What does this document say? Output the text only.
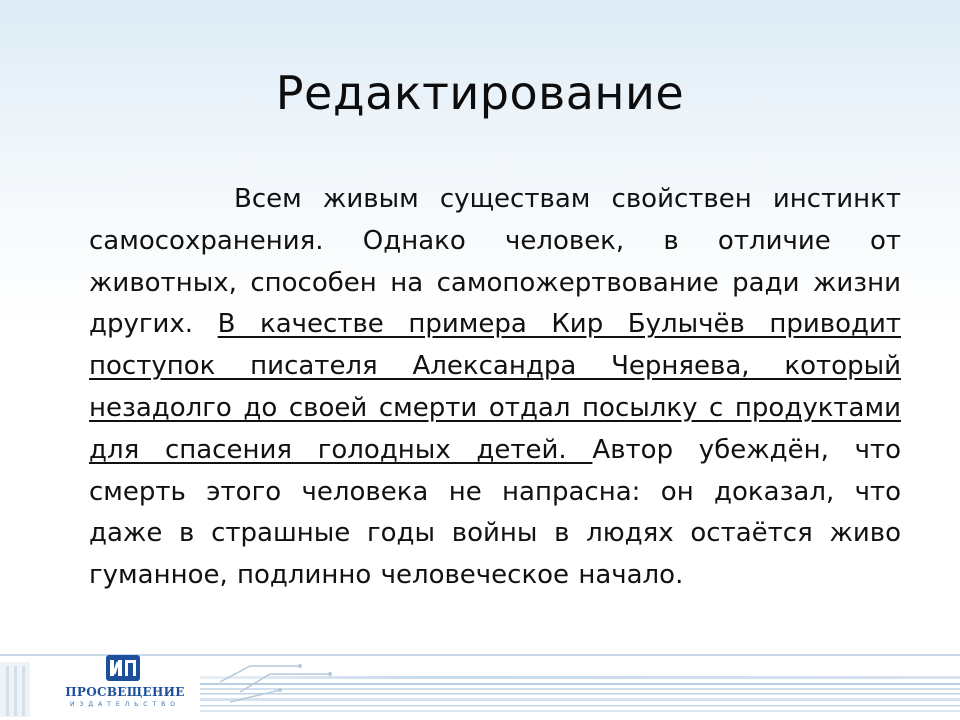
Редактирование
Всем живым существам свойствен инстинкт самосохранения. Однако человек, в отличие от животных, способен на самопожертвование ради жизни других. В качестве примера Кир Булычёв приводит поступок писателя Александра Черняева, который незадолго до своей смерти отдал посылку с продуктами для спасения голодных детей. Автор убеждён, что смерть этого человека не напрасна: он доказал, что даже в страшные годы войны в людях остаётся живо гуманное, подлинно человеческое начало.
ПРОСВЕЩЕНИЕ
ИЗДАТЕЛЬСТВО
